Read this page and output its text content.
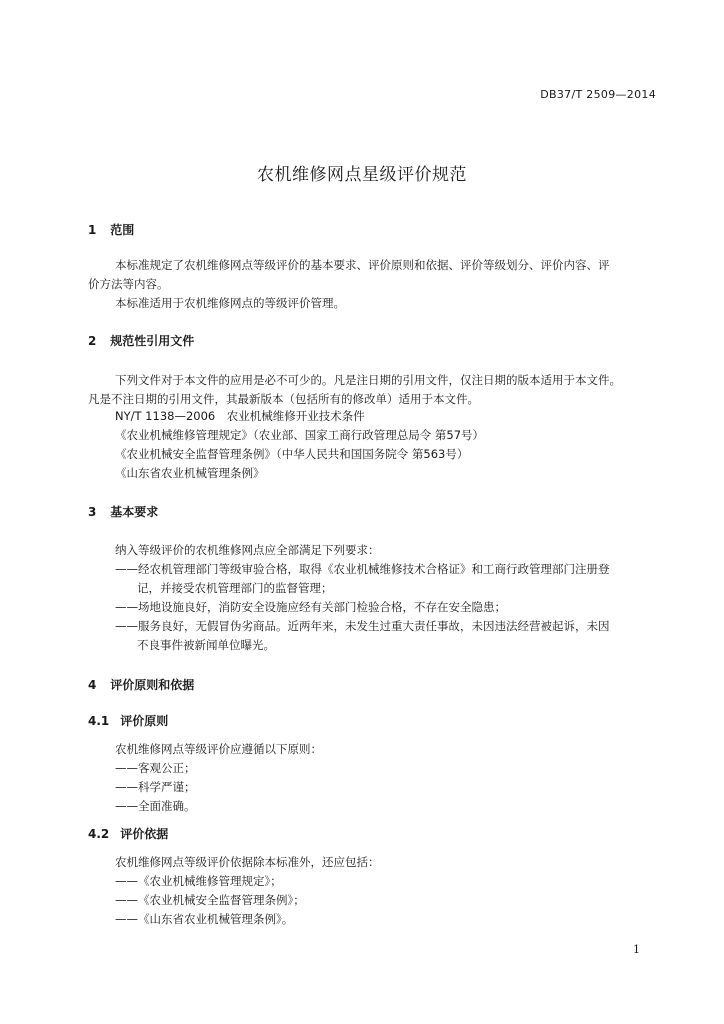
DB37/T 2509—2014
农机维修网点星级评价规范
1 范围
本标准规定了农机维修网点等级评价的基本要求、评价原则和依据、评价等级划分、评价内容、评
价方法等内容。
本标准适用于农机维修网点的等级评价管理。
2 规范性引用文件
下列文件对于本文件的应用是必不可少的。凡是注日期的引用文件，仅注日期的版本适用于本文件。
凡是不注日期的引用文件，其最新版本（包括所有的修改单）适用于本文件。
NY/T 1138—2006　农业机械维修开业技术条件
《农业机械维修管理规定》（农业部、国家工商行政管理总局令 第57号）
《农业机械安全监督管理条例》（中华人民共和国国务院令 第563号）
《山东省农业机械管理条例》
3 基本要求
纳入等级评价的农机维修网点应全部满足下列要求：
——经农机管理部门等级审验合格，取得《农业机械维修技术合格证》和工商行政管理部门注册登
记，并接受农机管理部门的监督管理；
——场地设施良好，消防安全设施应经有关部门检验合格，不存在安全隐患；
——服务良好，无假冒伪劣商品。近两年来，未发生过重大责任事故，未因违法经营被起诉，未因
不良事件被新闻单位曝光。
4 评价原则和依据
4.1 评价原则
农机维修网点等级评价应遵循以下原则：
——客观公正；
——科学严谨；
——全面准确。
4.2 评价依据
农机维修网点等级评价依据除本标准外，还应包括：
——《农业机械维修管理规定》；
——《农业机械安全监督管理条例》；
——《山东省农业机械管理条例》。
1
